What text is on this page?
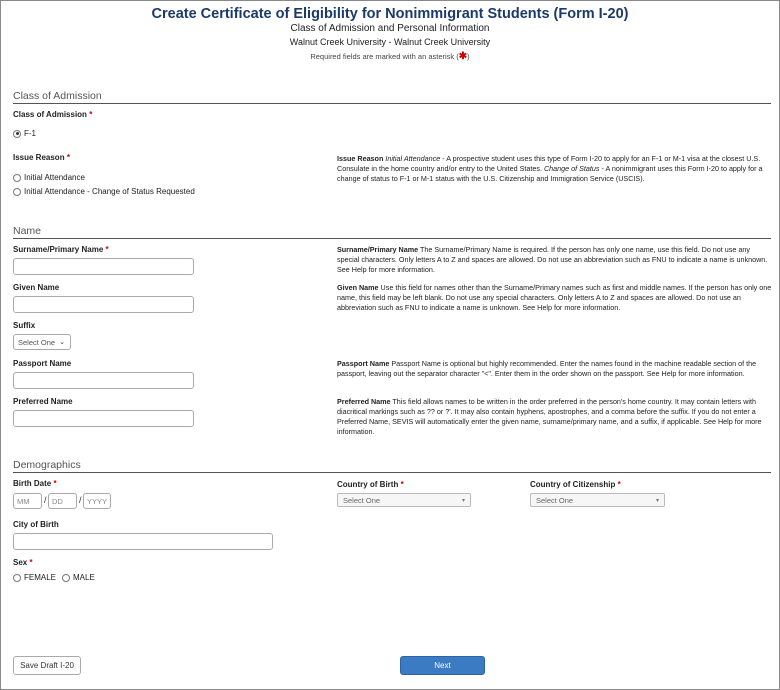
Create Certificate of Eligibility for Nonimmigrant Students (Form I-20)
Class of Admission and Personal Information
Walnut Creek University - Walnut Creek University
Required fields are marked with an asterisk (✱)
Class of Admission
Class of Admission *
F-1
Issue Reason *
Initial Attendance
Initial Attendance - Change of Status Requested
Issue Reason Initial Attendance - A prospective student uses this type of Form I-20 to apply for an F-1 or M-1 visa at the closest U.S. Consulate in the home country and/or entry to the United States. Change of Status - A nonimmigrant uses this Form I-20 to apply for a change of status to F-1 or M-1 status with the U.S. Citizenship and Immigration Service (USCIS).
Name
Surname/Primary Name *
Given Name
Suffix
Select One ⌄
Passport Name
Preferred Name
Surname/Primary Name The Surname/Primary Name is required. If the person has only one name, use this field. Do not use any special characters. Only letters A to Z and spaces are allowed. Do not use an abbreviation such as FNU to indicate a name is unknown. See Help for more information.
Given Name Use this field for names other than the Surname/Primary names such as first and middle names. If the person has only one name, this field may be left blank. Do not use any special characters. Only letters A to Z and spaces are allowed. Do not use an abbreviation such as FNU to indicate a name is unknown. See Help for more information.
Passport Name Passport Name is optional but highly recommended. Enter the names found in the machine readable section of the passport, leaving out the separator character "<". Enter them in the order shown on the passport. See Help for more information.
Preferred Name This field allows names to be written in the order preferred in the person's home country. It may contain letters with diacritical markings such as ?? or ?'. It may also contain hyphens, apostrophes, and a comma before the suffix. If you do not enter a Preferred Name, SEVIS will automatically enter the given name, surname/primary name, and a suffix, if applicable. See Help for more information.
Demographics
Birth Date *
MM	/ DD	/ YYYY
Country of Birth *
Select One	▾
Country of Citizenship *
Select One	▾
City of Birth
Sex *
FEMALE MALE
Save Draft I-20	Next
